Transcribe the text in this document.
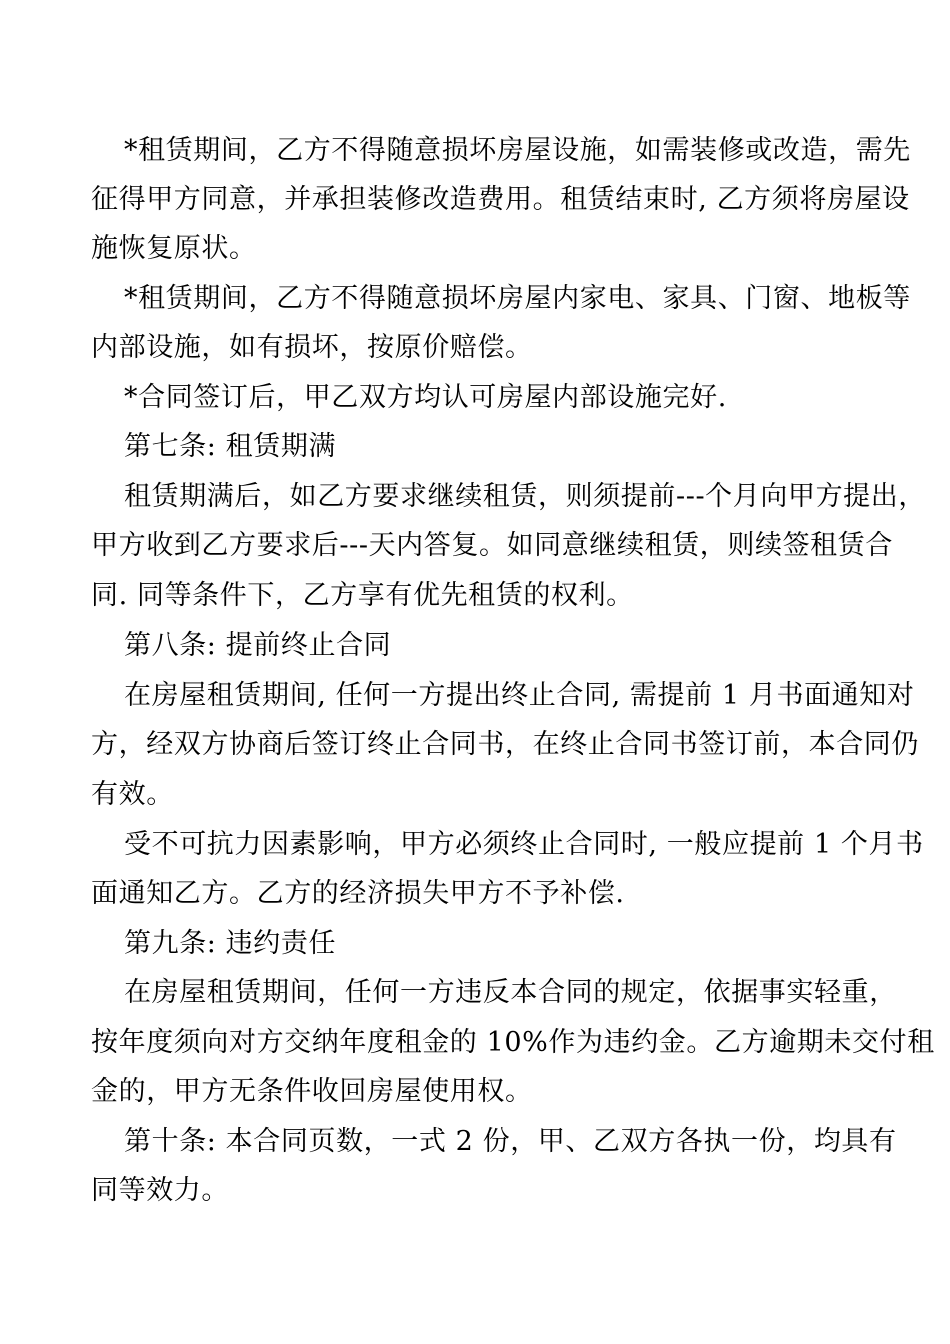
*租赁期间，乙方不得随意损坏房屋设施，如需装修或改造，需先
征得甲方同意，并承担装修改造费用。租赁结束时, 乙方须将房屋设
施恢复原状。
*租赁期间，乙方不得随意损坏房屋内家电、家具、门窗、地板等
内部设施，如有损坏，按原价赔偿。
*合同签订后，甲乙双方均认可房屋内部设施完好.
第七条: 租赁期满
租赁期满后，如乙方要求继续租赁，则须提前---个月向甲方提出，
甲方收到乙方要求后---天内答复。如同意继续租赁，则续签租赁合
同. 同等条件下，乙方享有优先租赁的权利。
第八条: 提前终止合同
在房屋租赁期间, 任何一方提出终止合同, 需提前 1 月书面通知对
方，经双方协商后签订终止合同书，在终止合同书签订前，本合同仍
有效。
受不可抗力因素影响，甲方必须终止合同时, 一般应提前 1 个月书
面通知乙方。乙方的经济损失甲方不予补偿.
第九条: 违约责任
在房屋租赁期间，任何一方违反本合同的规定，依据事实轻重，
按年度须向对方交纳年度租金的 10%作为违约金。乙方逾期未交付租
金的，甲方无条件收回房屋使用权。
第十条: 本合同页数，一式 2 份，甲、乙双方各执一份，均具有
同等效力。
